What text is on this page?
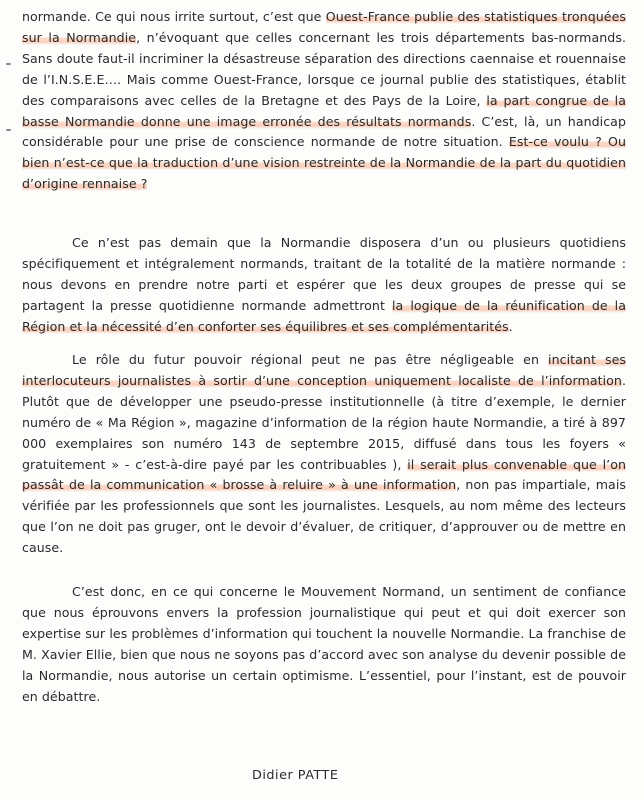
normande. Ce qui nous irrite surtout, c’est que Ouest-France publie des statistiques tronquées sur la Normandie, n’évoquant que celles concernant les trois départements bas-normands. Sans doute faut-il incriminer la désastreuse séparation des directions caennaise et rouennaise de l’I.N.S.E.E…. Mais comme Ouest-France, lorsque ce journal publie des statistiques, établit des comparaisons avec celles de la Bretagne et des Pays de la Loire, la part congrue de la basse Normandie donne une image erronée des résultats normands. C’est, là, un handicap considérable pour une prise de conscience normande de notre situation. Est-ce voulu ? Ou bien n’est-ce que la traduction d’une vision restreinte de la Normandie de la part du quotidien d’origine rennaise ?

Ce n’est pas demain que la Normandie disposera d’un ou plusieurs quotidiens spécifiquement et intégralement normands, traitant de la totalité de la matière normande : nous devons en prendre notre parti et espérer que les deux groupes de presse qui se partagent la presse quotidienne normande admettront la logique de la réunification de la Région et la nécessité d’en conforter ses équilibres et ses complémentarités.

Le rôle du futur pouvoir régional peut ne pas être négligeable en incitant ses interlocuteurs journalistes à sortir d’une conception uniquement localiste de l’information. Plutôt que de développer une pseudo-presse institutionnelle (à titre d’exemple, le dernier numéro de « Ma Région », magazine d’information de la région haute Normandie, a tiré à 897 000 exemplaires son numéro 143 de septembre 2015, diffusé dans tous les foyers « gratuitement » - c’est-à-dire payé par les contribuables ), il serait plus convenable que l’on passât de la communication « brosse à reluire » à une information, non pas impartiale, mais vérifiée par les professionnels que sont les journalistes. Lesquels, au nom même des lecteurs que l’on ne doit pas gruger, ont le devoir d’évaluer, de critiquer, d’approuver ou de mettre en cause.

C’est donc, en ce qui concerne le Mouvement Normand, un sentiment de confiance que nous éprouvons envers la profession journalistique qui peut et qui doit exercer son expertise sur les problèmes d’information qui touchent la nouvelle Normandie. La franchise de M. Xavier Ellie, bien que nous ne soyons pas d’accord avec son analyse du devenir possible de la Normandie, nous autorise un certain optimisme. L’essentiel, pour l’instant, est de pouvoir en débattre.

Didier PATTE
